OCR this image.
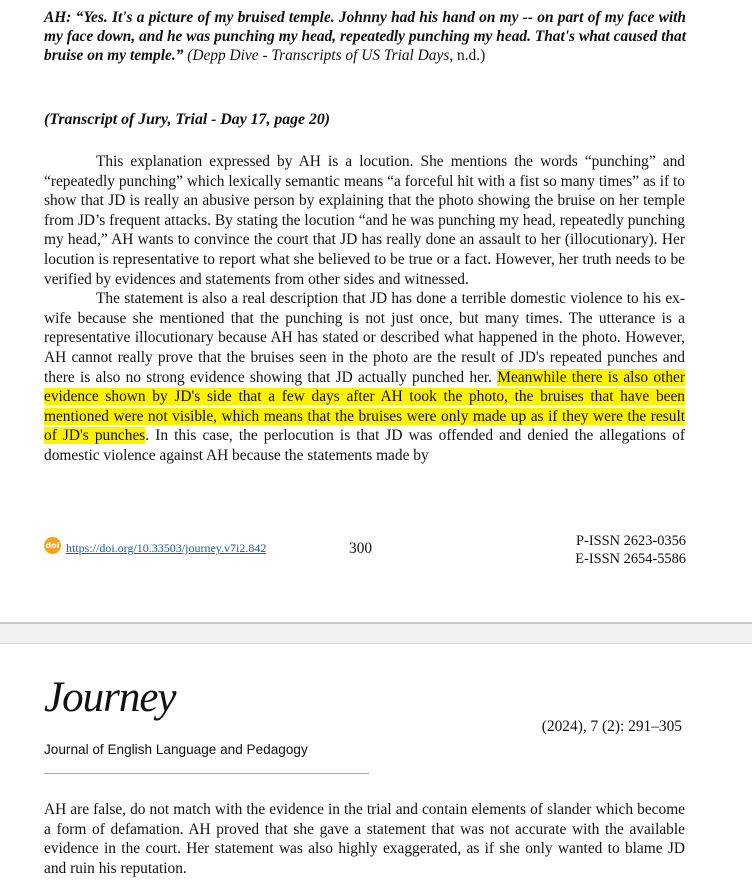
AH: “Yes. It's a picture of my bruised temple. Johnny had his hand on my -- on part of my face with my face down, and he was punching my head, repeatedly punching my head. That's what caused that bruise on my temple.” (Depp Dive - Transcripts of US Trial Days, n.d.)

(Transcript of Jury, Trial - Day 17, page 20)

This explanation expressed by AH is a locution. She mentions the words “punching” and “repeatedly punching” which lexically semantic means “a forceful hit with a fist so many times” as if to show that JD is really an abusive person by explaining that the photo showing the bruise on her temple from JD’s frequent attacks. By stating the locution “and he was punching my head, repeatedly punching my head,” AH wants to convince the court that JD has really done an assault to her (illocutionary). Her locution is representative to report what she believed to be true or a fact. However, her truth needs to be verified by evidences and statements from other sides and witnessed.

The statement is also a real description that JD has done a terrible domestic violence to his ex-wife because she mentioned that the punching is not just once, but many times. The utterance is a representative illocutionary because AH has stated or described what happened in the photo. However, AH cannot really prove that the bruises seen in the photo are the result of JD's repeated punches and there is also no strong evidence showing that JD actually punched her. Meanwhile there is also other evidence shown by JD's side that a few days after AH took the photo, the bruises that have been mentioned were not visible, which means that the bruises were only made up as if they were the result of JD's punches. In this case, the perlocution is that JD was offended and denied the allegations of domestic violence against AH because the statements made by

doi https://doi.org/10.33503/journey.v7i2.842	300	P-ISSN 2623-0356
E-ISSN 2654-5586
Journey
Journal of English Language and Pedagogy
(2024), 7 (2): 291–305

AH are false, do not match with the evidence in the trial and contain elements of slander which become a form of defamation. AH proved that she gave a statement that was not accurate with the available evidence in the court. Her statement was also highly exaggerated, as if she only wanted to blame JD and ruin his reputation.
